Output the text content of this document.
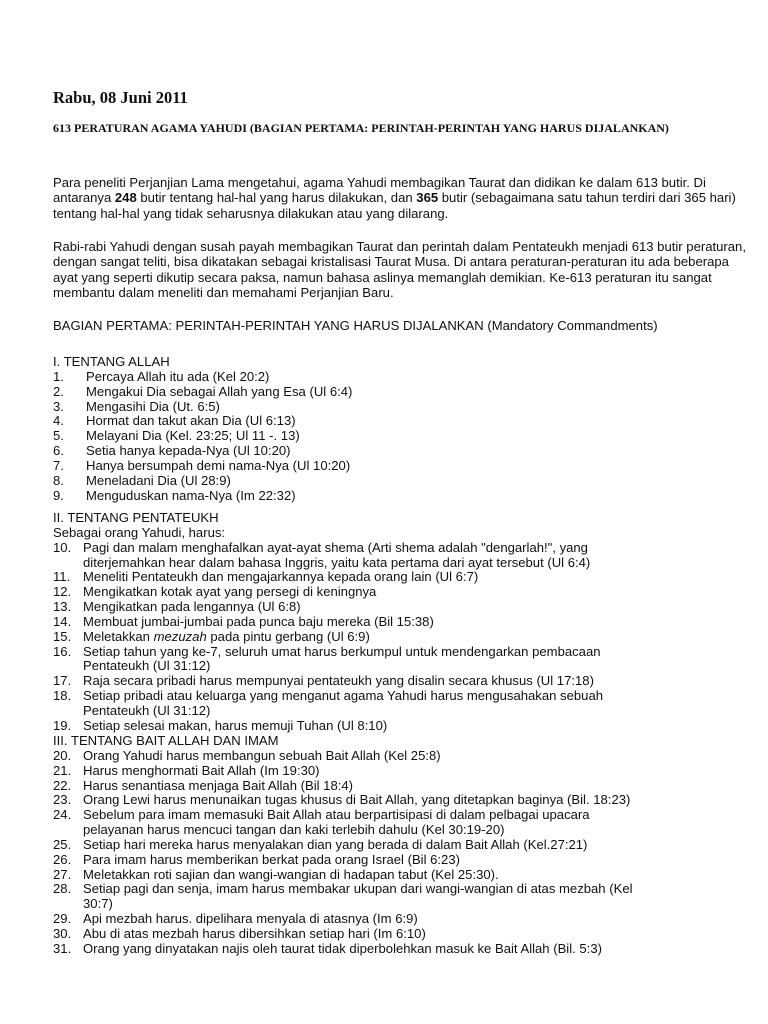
Rabu, 08 Juni 2011
613 PERATURAN AGAMA YAHUDI (BAGIAN PERTAMA: PERINTAH-PERINTAH YANG HARUS DIJALANKAN)

Para peneliti Perjanjian Lama mengetahui, agama Yahudi membagikan Taurat dan didikan ke dalam 613 butir. Di antaranya 248 butir tentang hal-hal yang harus dilakukan, dan 365 butir (sebagaimana satu tahun terdiri dari 365 hari) tentang hal-hal yang tidak seharusnya dilakukan atau yang dilarang.

Rabi-rabi Yahudi dengan susah payah membagikan Taurat dan perintah dalam Pentateukh menjadi 613 butir peraturan, dengan sangat teliti, bisa dikatakan sebagai kristalisasi Taurat Musa. Di antara peraturan-peraturan itu ada beberapa ayat yang seperti dikutip secara paksa, namun bahasa aslinya memanglah demikian. Ke-613 peraturan itu sangat membantu dalam meneliti dan memahami Perjanjian Baru.

BAGIAN PERTAMA: PERINTAH-PERINTAH YANG HARUS DIJALANKAN (Mandatory Commandments)

I. TENTANG ALLAH
1.	Percaya Allah itu ada (Kel 20:2)
2.	Mengakui Dia sebagai Allah yang Esa (Ul 6:4)
3.	Mengasihi Dia (Ut. 6:5)
4.	Hormat dan takut akan Dia (Ul 6:13)
5.	Melayani Dia (Kel. 23:25; Ul 11 -. 13)
6.	Setia hanya kepada-Nya (Ul 10:20)
7.	Hanya bersumpah demi nama-Nya (Ul 10:20)
8.	Meneladani Dia (Ul 28:9)
9.	Menguduskan nama-Nya (Im 22:32)
II. TENTANG PENTATEUKH
Sebagai orang Yahudi, harus:
10. Pagi dan malam menghafalkan ayat-ayat shema (Arti shema adalah "dengarlah!", yang
diterjemahkan hear dalam bahasa Inggris, yaitu kata pertama dari ayat tersebut (Ul 6:4)
11. Meneliti Pentateukh dan mengajarkannya kepada orang lain (Ul 6:7)
12. Mengikatkan kotak ayat yang persegi di keningnya
13. Mengikatkan pada lengannya (Ul 6:8)
14. Membuat jumbai-jumbai pada punca baju mereka (Bil 15:38)
15. Meletakkan mezuzah pada pintu gerbang (Ul 6:9)
16. Setiap tahun yang ke-7, seluruh umat harus berkumpul untuk mendengarkan pembacaan
Pentateukh (Ul 31:12)
17. Raja secara pribadi harus mempunyai pentateukh yang disalin secara khusus (Ul 17:18)
18. Setiap pribadi atau keluarga yang menganut agama Yahudi harus mengusahakan sebuah
Pentateukh (Ul 31:12)
19. Setiap selesai makan, harus memuji Tuhan (Ul 8:10)
III. TENTANG BAIT ALLAH DAN IMAM
20. Orang Yahudi harus membangun sebuah Bait Allah (Kel 25:8)
21. Harus menghormati Bait Allah (Im 19:30)
22. Harus senantiasa menjaga Bait Allah (Bil 18:4)
23. Orang Lewi harus menunaikan tugas khusus di Bait Allah, yang ditetapkan baginya (Bil. 18:23)
24. Sebelum para imam memasuki Bait Allah atau berpartisipasi di dalam pelbagai upacara
pelayanan harus mencuci tangan dan kaki terlebih dahulu (Kel 30:19-20)
25. Setiap hari mereka harus menyalakan dian yang berada di dalam Bait Allah (Kel.27:21)
26. Para imam harus memberikan berkat pada orang Israel (Bil 6:23)
27. Meletakkan roti sajian dan wangi-wangian di hadapan tabut (Kel 25:30).
28. Setiap pagi dan senja, imam harus membakar ukupan dari wangi-wangian di atas mezbah (Kel
30:7)
29. Api mezbah harus. dipelihara menyala di atasnya (Im 6:9)
30. Abu di atas mezbah harus dibersihkan setiap hari (Im 6:10)
31. Orang yang dinyatakan najis oleh taurat tidak diperbolehkan masuk ke Bait Allah (Bil. 5:3)
